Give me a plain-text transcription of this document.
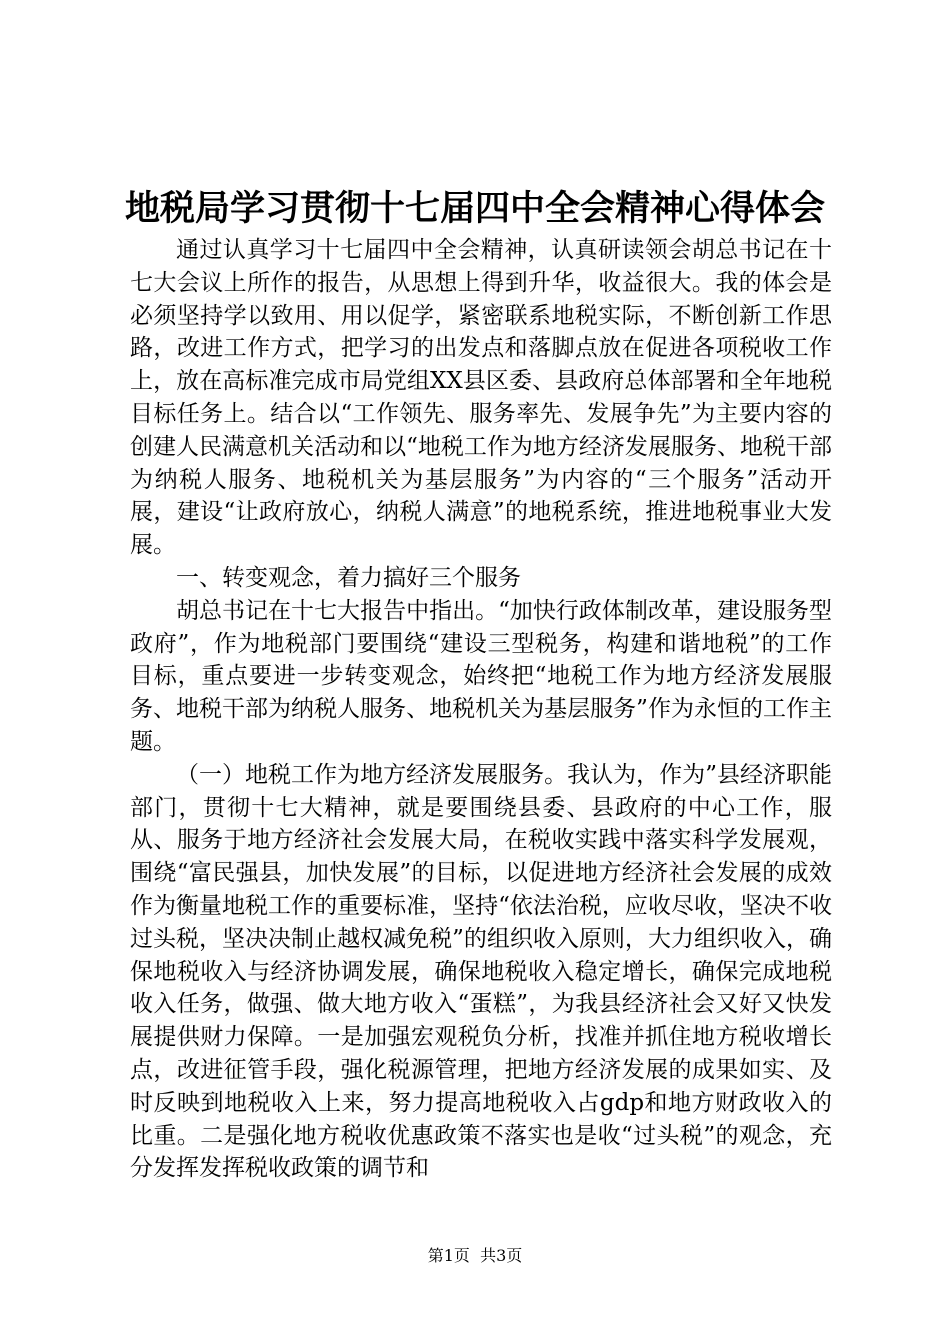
地税局学习贯彻十七届四中全会精神心得体会

通过认真学习十七届四中全会精神，认真研读领会胡总书记在十七大会议上所作的报告，从思想上得到升华，收益很大。我的体会是必须坚持学以致用、用以促学，紧密联系地税实际，不断创新工作思路，改进工作方式，把学习的出发点和落脚点放在促进各项税收工作上，放在高标准完成市局党组XX县区委、县政府总体部署和全年地税目标任务上。结合以“工作领先、服务率先、发展争先”为主要内容的创建人民满意机关活动和以“地税工作为地方经济发展服务、地税干部为纳税人服务、地税机关为基层服务”为内容的“三个服务”活动开展，建设“让政府放心，纳税人满意”的地税系统，推进地税事业大发展。

一、转变观念，着力搞好三个服务

胡总书记在十七大报告中指出。“加快行政体制改革，建设服务型政府”，作为地税部门要围绕“建设三型税务，构建和谐地税”的工作目标，重点要进一步转变观念，始终把“地税工作为地方经济发展服务、地税干部为纳税人服务、地税机关为基层服务”作为永恒的工作主题。

（一）地税工作为地方经济发展服务。我认为，作为”县经济职能部门，贯彻十七大精神，就是要围绕县委、县政府的中心工作，服从、服务于地方经济社会发展大局，在税收实践中落实科学发展观，围绕“富民强县，加快发展”的目标，以促进地方经济社会发展的成效作为衡量地税工作的重要标准，坚持“依法治税，应收尽收，坚决不收过头税，坚决决制止越权减免税”的组织收入原则，大力组织收入，确保地税收入与经济协调发展，确保地税收入稳定增长，确保完成地税收入任务，做强、做大地方收入“蛋糕”，为我县经济社会又好又快发展提供财力保障。一是加强宏观税负分析，找准并抓住地方税收增长点，改进征管手段，强化税源管理，把地方经济发展的成果如实、及时反映到地税收入上来，努力提高地税收入占gdp和地方财政收入的比重。二是强化地方税收优惠政策不落实也是收“过头税”的观念，充分发挥发挥税收政策的调节和

第1页  共3页
